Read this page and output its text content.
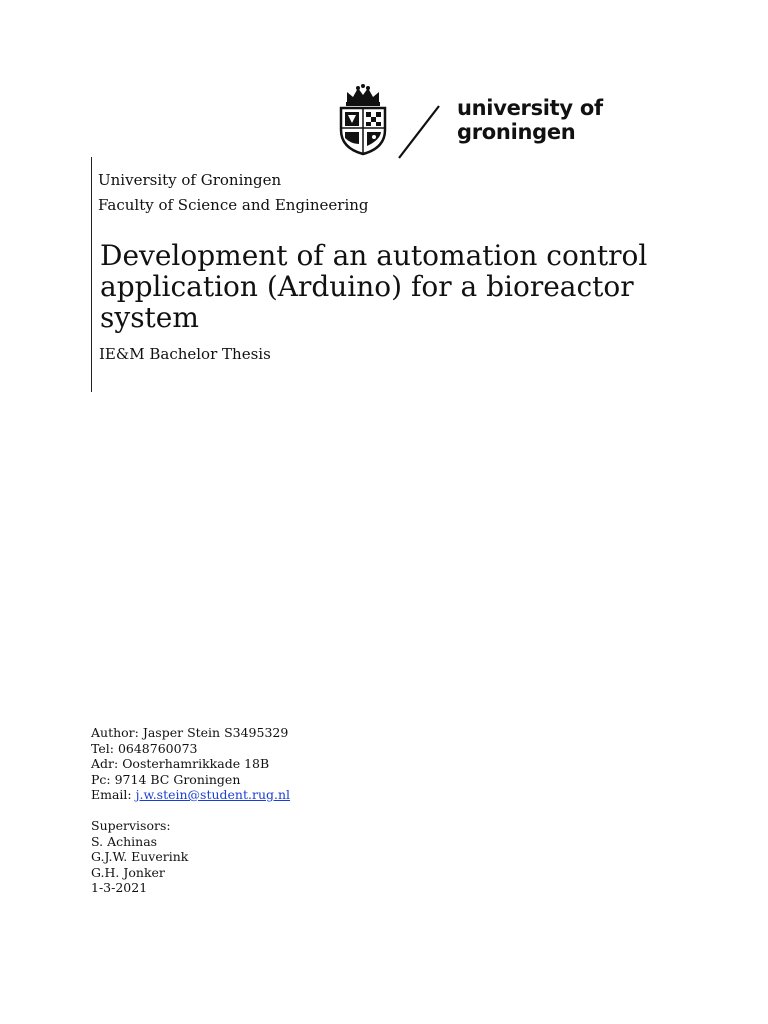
university of
groningen
University of Groningen
Faculty of Science and Engineering
Development of an automation control application (Arduino) for a bioreactor system
IE&M Bachelor Thesis
Author: Jasper Stein S3495329
Tel: 0648760073
Adr: Oosterhamrikkade 18B
Pc: 9714 BC Groningen
Email: j.w.stein@student.rug.nl
Supervisors:
S. Achinas
G.J.W. Euverink
G.H. Jonker
1-3-2021
